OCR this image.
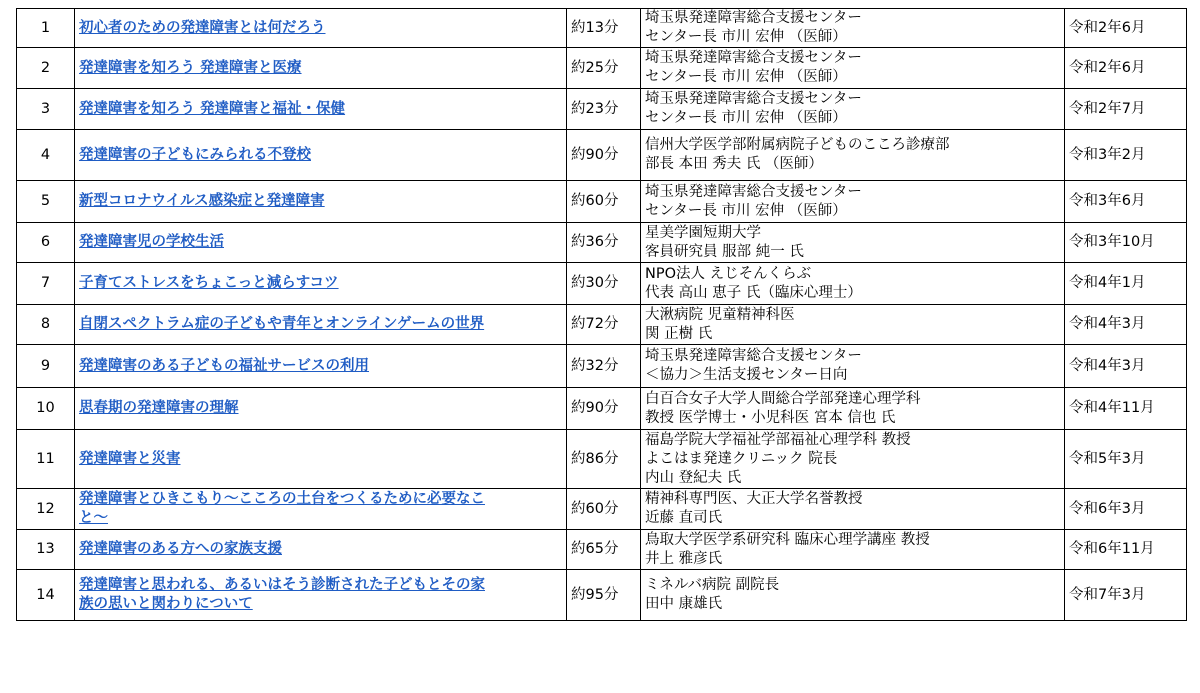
1	初心者のための発達障害とは何だろう	約13分	埼玉県発達障害総合支援センター
センター長 市川 宏伸 （医師）	令和2年6月
2	発達障害を知ろう 発達障害と医療	約25分	埼玉県発達障害総合支援センター
センター長 市川 宏伸 （医師）	令和2年6月
3	発達障害を知ろう 発達障害と福祉・保健	約23分	埼玉県発達障害総合支援センター
センター長 市川 宏伸 （医師）	令和2年7月
4	発達障害の子どもにみられる不登校	約90分	信州大学医学部附属病院子どものこころ診療部
部長 本田 秀夫 氏 （医師）	令和3年2月
5	新型コロナウイルス感染症と発達障害	約60分	埼玉県発達障害総合支援センター
センター長 市川 宏伸 （医師）	令和3年6月
6	発達障害児の学校生活	約36分	星美学園短期大学
客員研究員 服部 純一 氏	令和3年10月
7	子育てストレスをちょこっと減らすコツ	約30分	NPO法人 えじそんくらぶ
代表 高山 恵子 氏（臨床心理士）	令和4年1月
8	自閉スペクトラム症の子どもや青年とオンラインゲームの世界	約72分	大湫病院 児童精神科医
関 正樹 氏	令和4年3月
9	発達障害のある子どもの福祉サービスの利用	約32分	埼玉県発達障害総合支援センター
＜協力＞生活支援センター日向	令和4年3月
10	思春期の発達障害の理解	約90分	白百合女子大学人間総合学部発達心理学科
教授 医学博士・小児科医 宮本 信也 氏	令和4年11月
11	発達障害と災害	約86分	福島学院大学福祉学部福祉心理学科 教授
よこはま発達クリニック 院長
内山 登紀夫 氏	令和5年3月
12	発達障害とひきこもり～こころの土台をつくるために必要なこ
と～	約60分	精神科専門医、大正大学名誉教授
近藤 直司氏	令和6年3月
13	発達障害のある方への家族支援	約65分	鳥取大学医学系研究科 臨床心理学講座 教授
井上 雅彦氏	令和6年11月
14	発達障害と思われる、あるいはそう診断された子どもとその家
族の思いと関わりについて	約95分	ミネルバ病院 副院長
田中 康雄氏	令和7年3月
